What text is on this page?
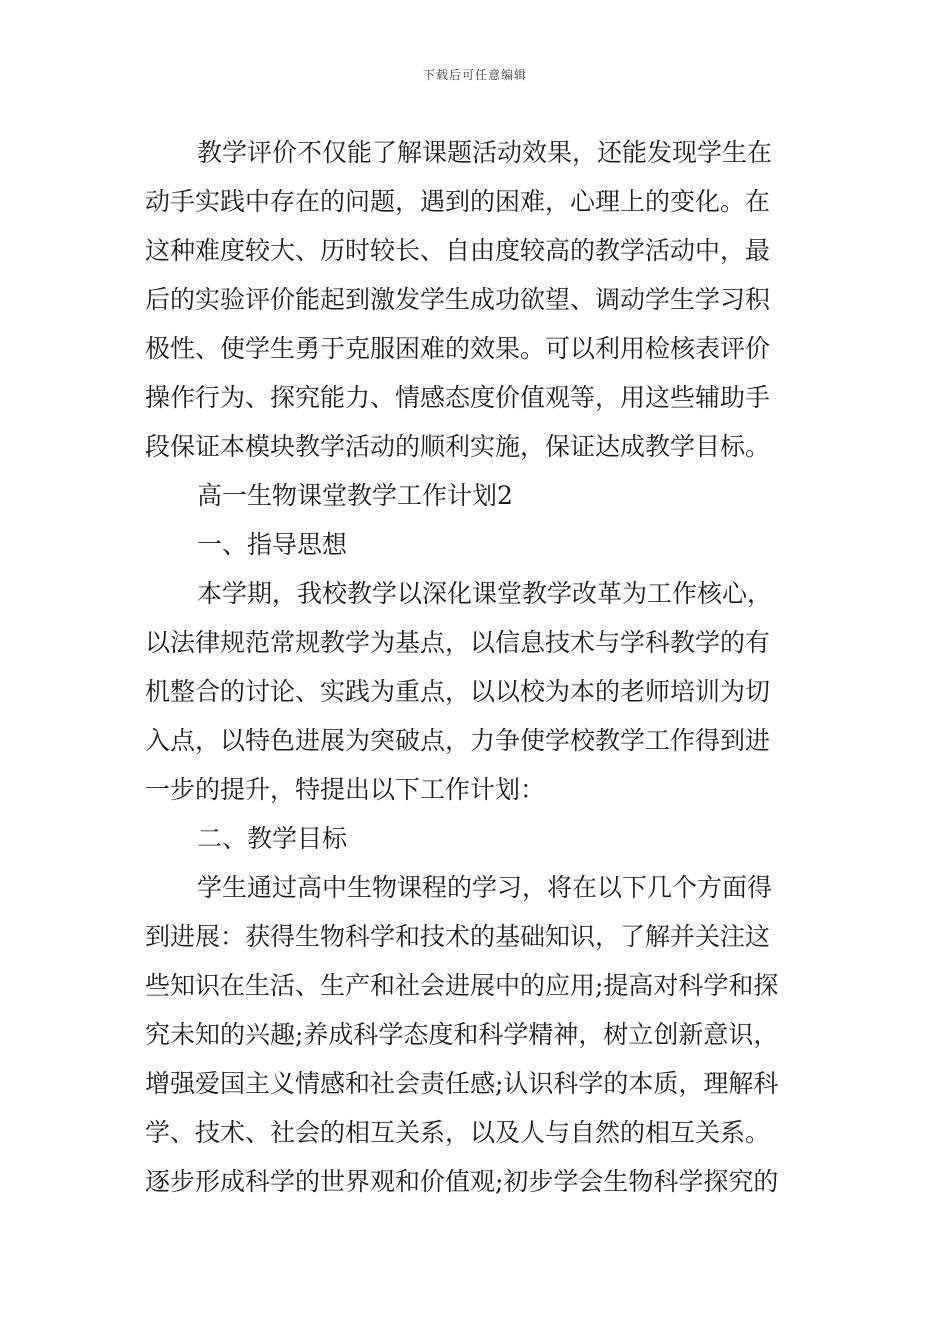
下载后可任意编辑

教学评价不仅能了解课题活动效果，还能发现学生在
动手实践中存在的问题，遇到的困难，心理上的变化。在
这种难度较大、历时较长、自由度较高的教学活动中，最
后的实验评价能起到激发学生成功欲望、调动学生学习积
极性、使学生勇于克服困难的效果。可以利用检核表评价
操作行为、探究能力、情感态度价值观等，用这些辅助手
段保证本模块教学活动的顺利实施，保证达成教学目标。

高一生物课堂教学工作计划2

一、指导思想

本学期，我校教学以深化课堂教学改革为工作核心，
以法律规范常规教学为基点，以信息技术与学科教学的有
机整合的讨论、实践为重点，以以校为本的老师培训为切
入点，以特色进展为突破点，力争使学校教学工作得到进
一步的提升，特提出以下工作计划：

二、教学目标

学生通过高中生物课程的学习，将在以下几个方面得
到进展：获得生物科学和技术的基础知识，了解并关注这
些知识在生活、生产和社会进展中的应用;提高对科学和探
究未知的兴趣;养成科学态度和科学精神，树立创新意识，
增强爱国主义情感和社会责任感;认识科学的本质，理解科
学、技术、社会的相互关系，以及人与自然的相互关系。
逐步形成科学的世界观和价值观;初步学会生物科学探究的
